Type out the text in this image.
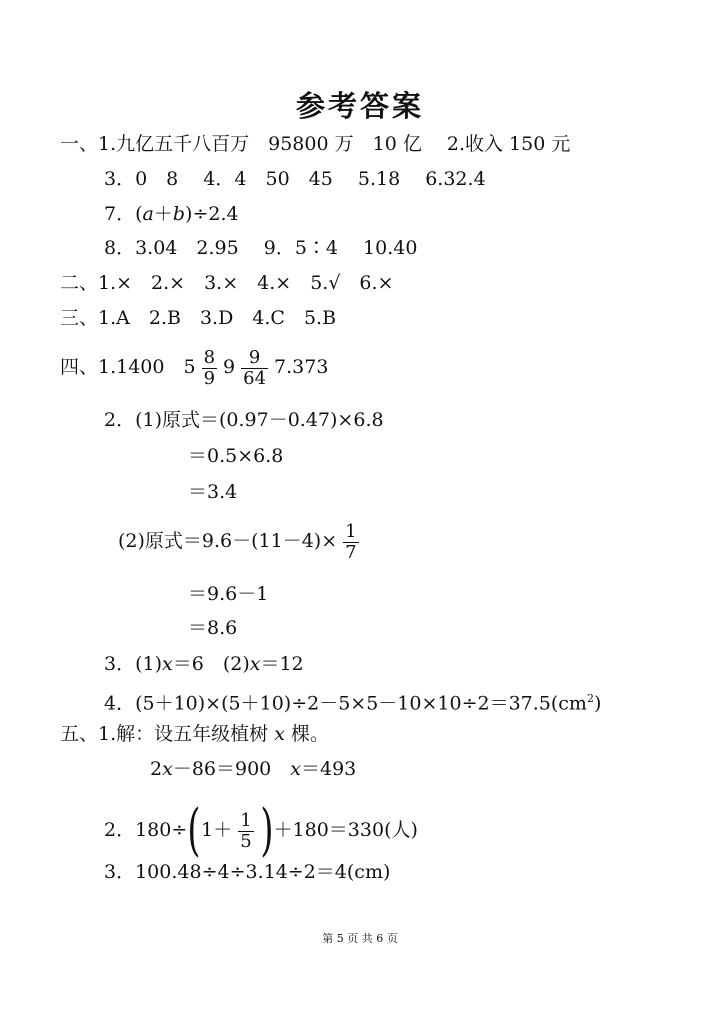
参考答案
一、1.九亿五千八百万　95800 万　10 亿　 2.收入 150 元
3．0　8　 4．4　50　45　 5.18　 6.32.4
7．(a＋b)÷2.4
8．3.04　2.95　 9．5∶4　 10.40
二、1.×　2.×　3.×　4.×　5.√　6.×
三、1.A　2.B　3.D　4.C　5.B
四、1.1400　$5 \frac{8}{9} 9 \frac{9}{64} 7.373$
2．(1)原式＝(0.97－0.47)×6.8
＝0.5×6.8
＝3.4
(2)原式$=9.6-(11-4)\times \frac{1}{7}$
＝9.6－1
＝8.6
3．(1)x＝6　(2)x＝12
4．$(5+10)\times(5+10)\div 2-5\times 5-10\times 10\div 2=37.5(cm^2)$
五、1.解：设五年级植树 x 棵。
2x－86＝900　x＝493
2．$180\div(1+ \frac{1}{5} )+180=330$(人)
3．100.48÷4÷3.14÷2＝4(cm)
第 5 页 共 6 页
